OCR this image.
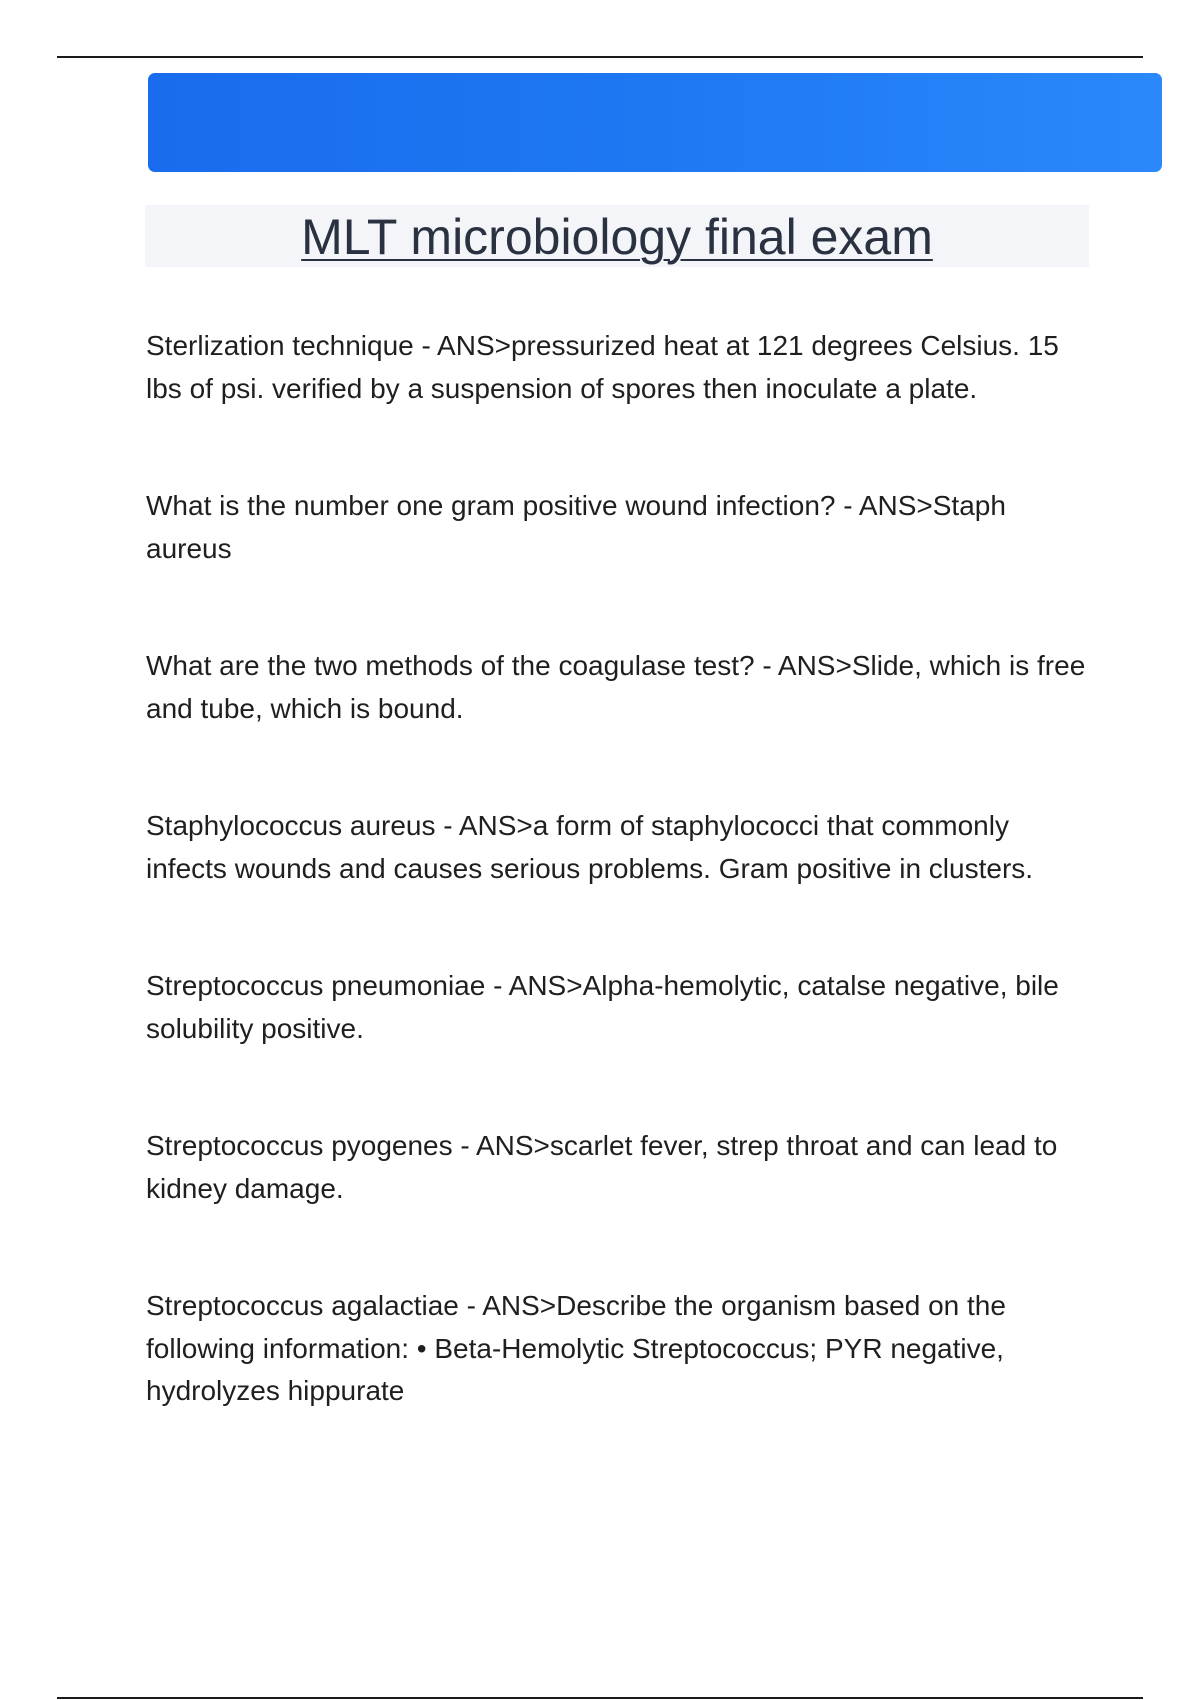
MLT microbiology final exam

Sterlization technique - ANS>pressurized heat at 121 degrees Celsius. 15 lbs of psi. verified by a suspension of spores then inoculate a plate.

What is the number one gram positive wound infection? - ANS>Staph aureus

What are the two methods of the coagulase test? - ANS>Slide, which is free and tube, which is bound.

Staphylococcus aureus - ANS>a form of staphylococci that commonly infects wounds and causes serious problems. Gram positive in clusters.

Streptococcus pneumoniae - ANS>Alpha-hemolytic, catalse negative, bile solubility positive.

Streptococcus pyogenes - ANS>scarlet fever, strep throat and can lead to kidney damage.

Streptococcus agalactiae - ANS>Describe the organism based on the following information: • Beta-Hemolytic Streptococcus; PYR negative, hydrolyzes hippurate
